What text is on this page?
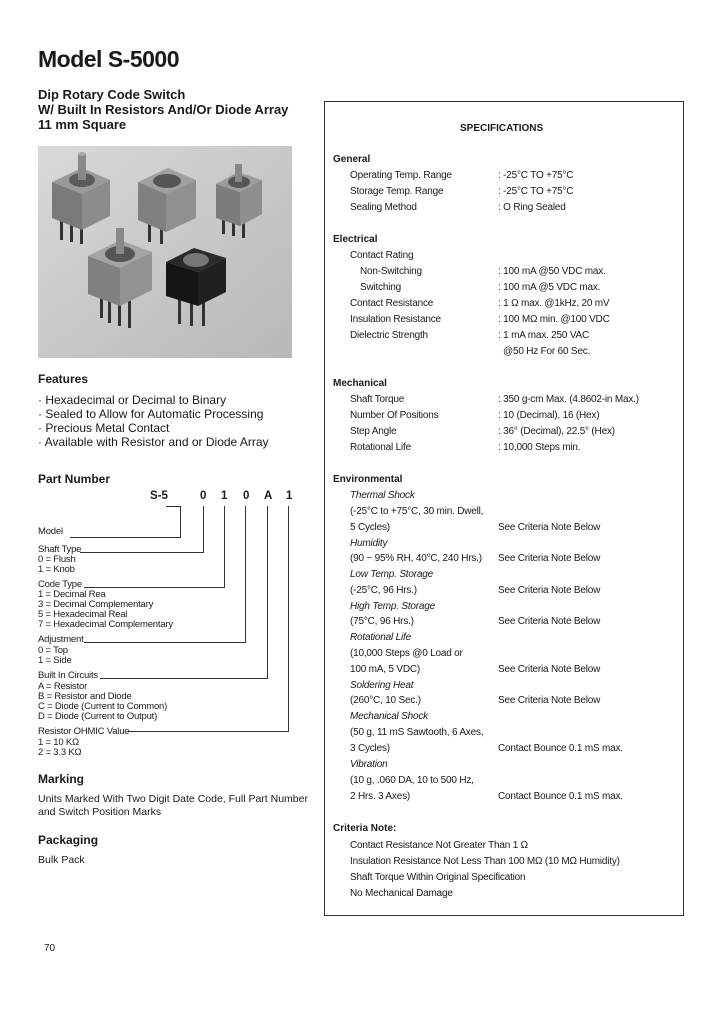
Model S-5000
Dip Rotary Code Switch
W/ Built In Resistors And/Or Diode Array
11 mm Square
Features
· Hexadecimal or Decimal to Binary
· Sealed to Allow for Automatic Processing
· Precious Metal Contact
· Available with Resistor and or Diode Array
Part Number
S-5	0 1 0 A 1
Model
Shaft Type
0 = Flush
1 = Knob
Code Type
1 = Decimal Rea
3 = Decimal Complementary
5 = Hexadecimal Real
7 = Hexadecimal Complementary
Adjustment
0 = Top
1 = Side
Built In Circuits
A = Resistor
B = Resistor and Diode
C = Diode (Current to Common)
D = Diode (Current to Output)
Resistor OHMIC Value
1 = 10 KΩ
2 = 3.3 KΩ
Marking
Units Marked With Two Digit Date Code, Full Part Number
and Switch Position Marks
Packaging
Bulk Pack
70
SPECIFICATIONS
General
Operating Temp. Range	: -25°C TO +75°C
Storage Temp. Range	: -25°C TO +75°C
Sealing Method	: O Ring Sealed
Electrical
Contact Rating
Non-Switching	: 100 mA @50 VDC max.
Switching	: 100 mA @5 VDC max.
Contact Resistance	: 1 Ω max. @1kHz, 20 mV
Insulation Resistance	: 100 MΩ min. @100 VDC
Dielectric Strength	: 1 mA max. 250 VAC
@50 Hz For 60 Sec.
Mechanical
Shaft Torque	: 350 g-cm Max. (4.8602-in Max.)
Number Of Positions	: 10 (Decimal), 16 (Hex)
Step Angle	: 36° (Decimal), 22.5° (Hex)
Rotational Life	: 10,000 Steps min.
Environmental
Thermal Shock
(-25°C to +75°C, 30 min. Dwell,
5 Cycles)	See Criteria Note Below
Humidity
(90 ~ 95% RH, 40°C, 240 Hrs.) See Criteria Note Below
Low Temp. Storage
(-25°C, 96 Hrs.)	See Criteria Note Below
High Temp. Storage
(75°C, 96 Hrs.)	See Criteria Note Below
Rotational Life
(10,000 Steps @0 Load or
100 mA, 5 VDC)	See Criteria Note Below
Soldering Heat
(260°C, 10 Sec.)	See Criteria Note Below
Mechanical Shock
(50 g, 11 mS Sawtooth, 6 Axes,
3 Cycles)	Contact Bounce 0.1 mS max.
Vibration
(10 g, .060 DA, 10 to 500 Hz,
2 Hrs. 3 Axes)	Contact Bounce 0.1 mS max.
Criteria Note:
Contact Resistance Not Greater Than 1 Ω
Insulation Resistance Not Less Than 100 MΩ (10 MΩ Humidity)
Shaft Torque Within Original Specification
No Mechanical Damage
